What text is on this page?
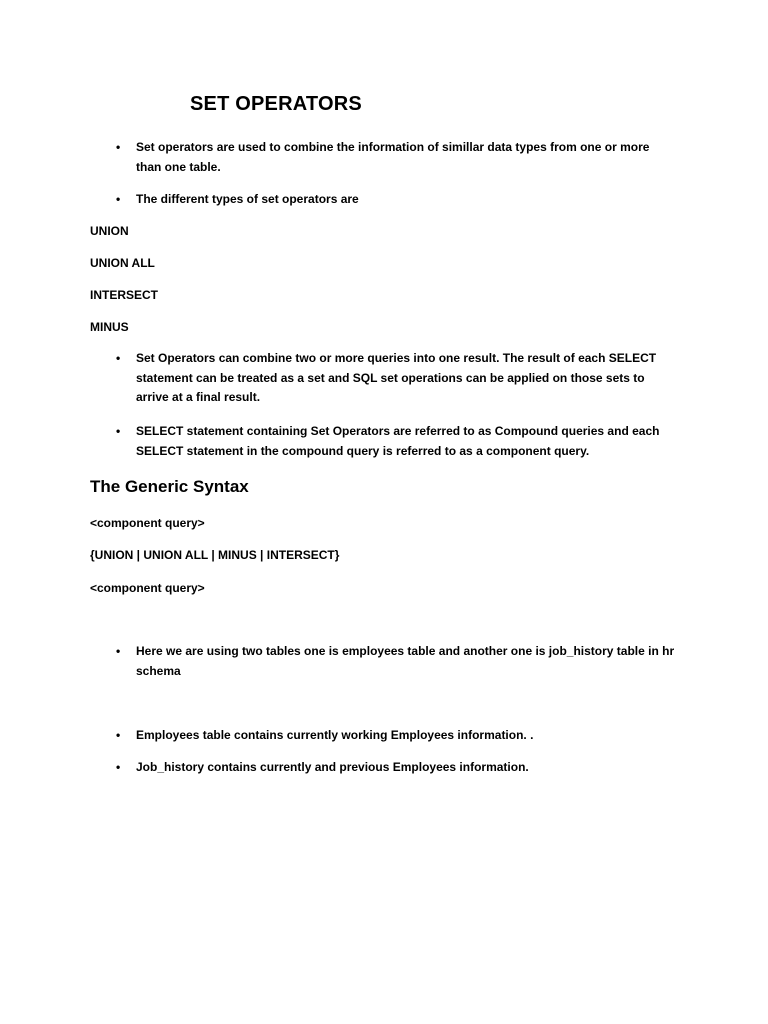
SET OPERATORS
• Set operators are used to combine the information of simillar data types from one or more than one table.
• The different types of set operators are

UNION

UNION ALL

INTERSECT

MINUS

• Set Operators can combine two or more queries into one result. The result of each SELECT statement can be treated as a set and SQL set operations can be applied on those sets to arrive at a final result.
• SELECT statement containing Set Operators are referred to as Compound queries and each SELECT statement in the compound query is referred to as a component query.
The Generic Syntax

<component query>

{UNION | UNION ALL | MINUS | INTERSECT}

<component query>

• Here we are using two tables one is employees table and another one is job_history table in hr schema
• Employees table contains currently working Employees information. .
• Job_history contains currently and previous Employees information.
